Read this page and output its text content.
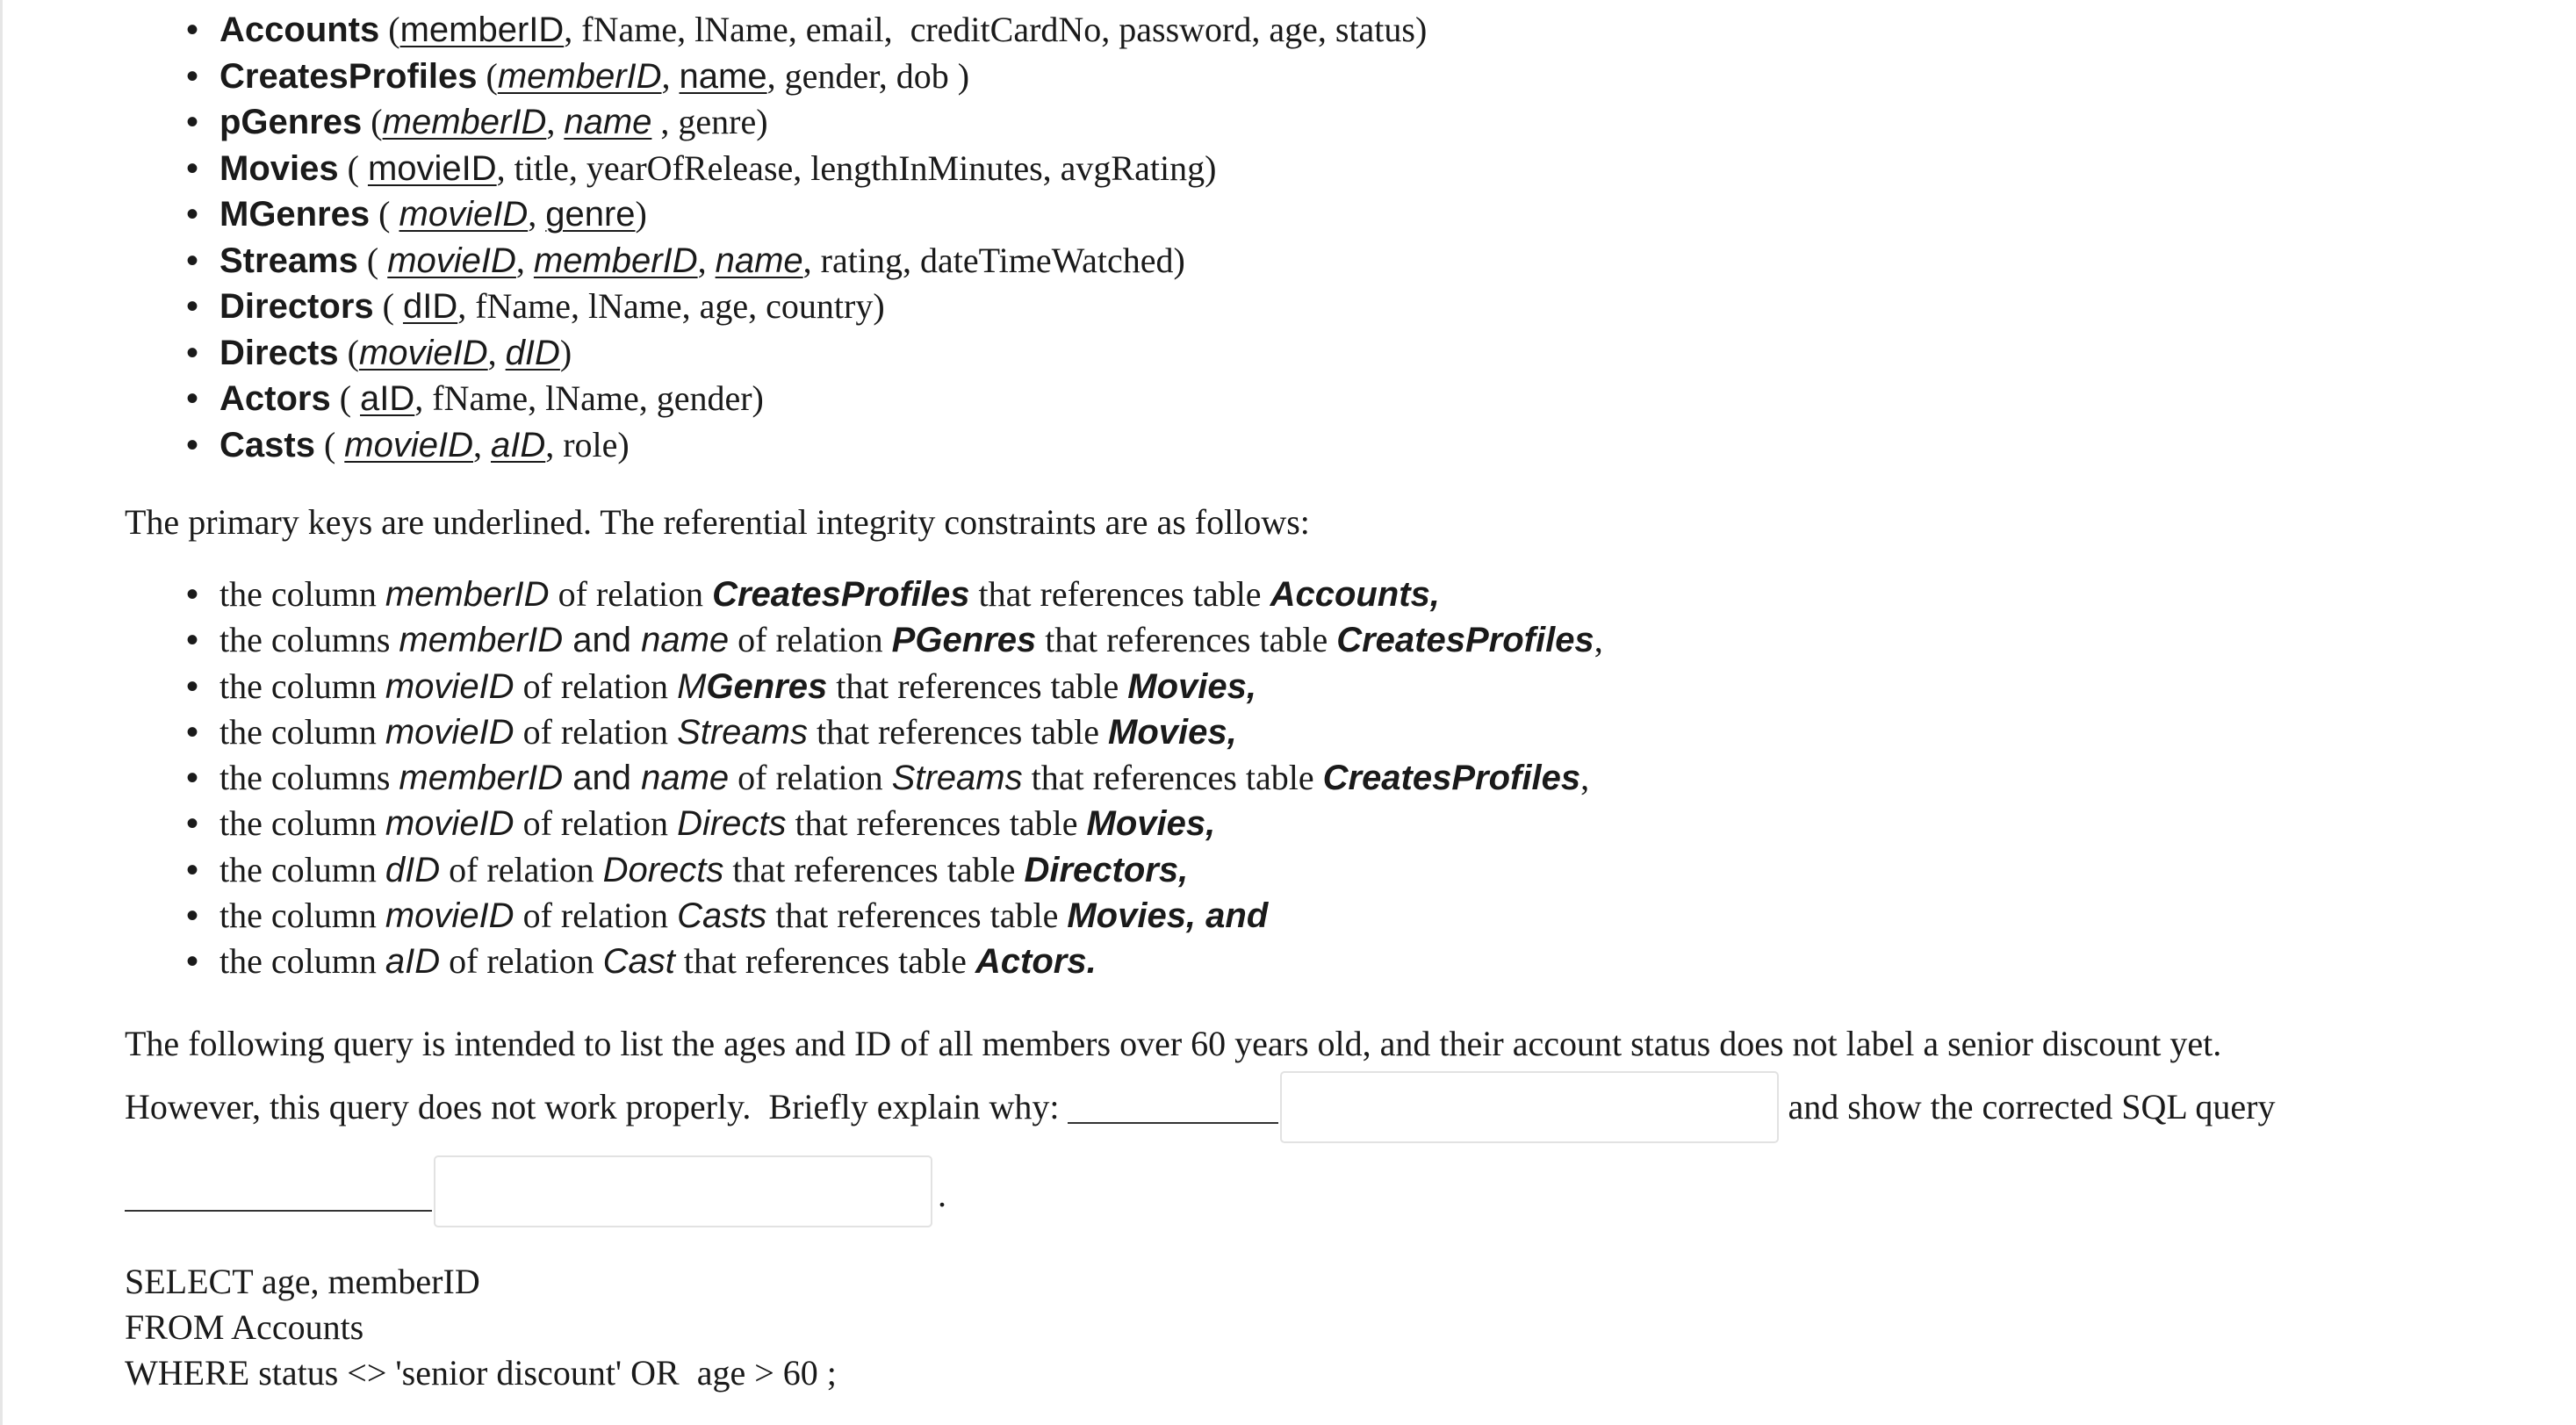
• Accounts (memberID, fName, lName, email,  creditCardNo, password, age, status)
• CreatesProfiles (memberID, name, gender, dob )
• pGenres (memberID, name , genre)
• Movies ( movieID, title, yearOfRelease, lengthInMinutes, avgRating)
• MGenres ( movieID, genre)
• Streams ( movieID, memberID, name, rating, dateTimeWatched)
• Directors ( dID, fName, lName, age, country)
• Directs (movieID, dID)
• Actors ( aID, fName, lName, gender)
• Casts ( movieID, aID, role)

The primary keys are underlined. The referential integrity constraints are as follows:

• the column memberID of relation CreatesProfiles that references table Accounts,
• the columns memberID and name of relation PGenres that references table CreatesProfiles,
• the column movieID of relation MGenres that references table Movies,
• the column movieID of relation Streams that references table Movies,
• the columns memberID and name of relation Streams that references table CreatesProfiles,
• the column movieID of relation Directs that references table Movies,
• the column dID of relation Dorects that references table Directors,
• the column movieID of relation Casts that references table Movies, and
• the column aID of relation Cast that references table Actors.

The following query is intended to list the ages and ID of all members over 60 years old, and their account status does not label a senior discount yet.

However, this query does not work properly.  Briefly explain why:	and show the corrected SQL query

.
SELECT age, memberID
FROM Accounts
WHERE status <> 'senior discount' OR  age > 60 ;
